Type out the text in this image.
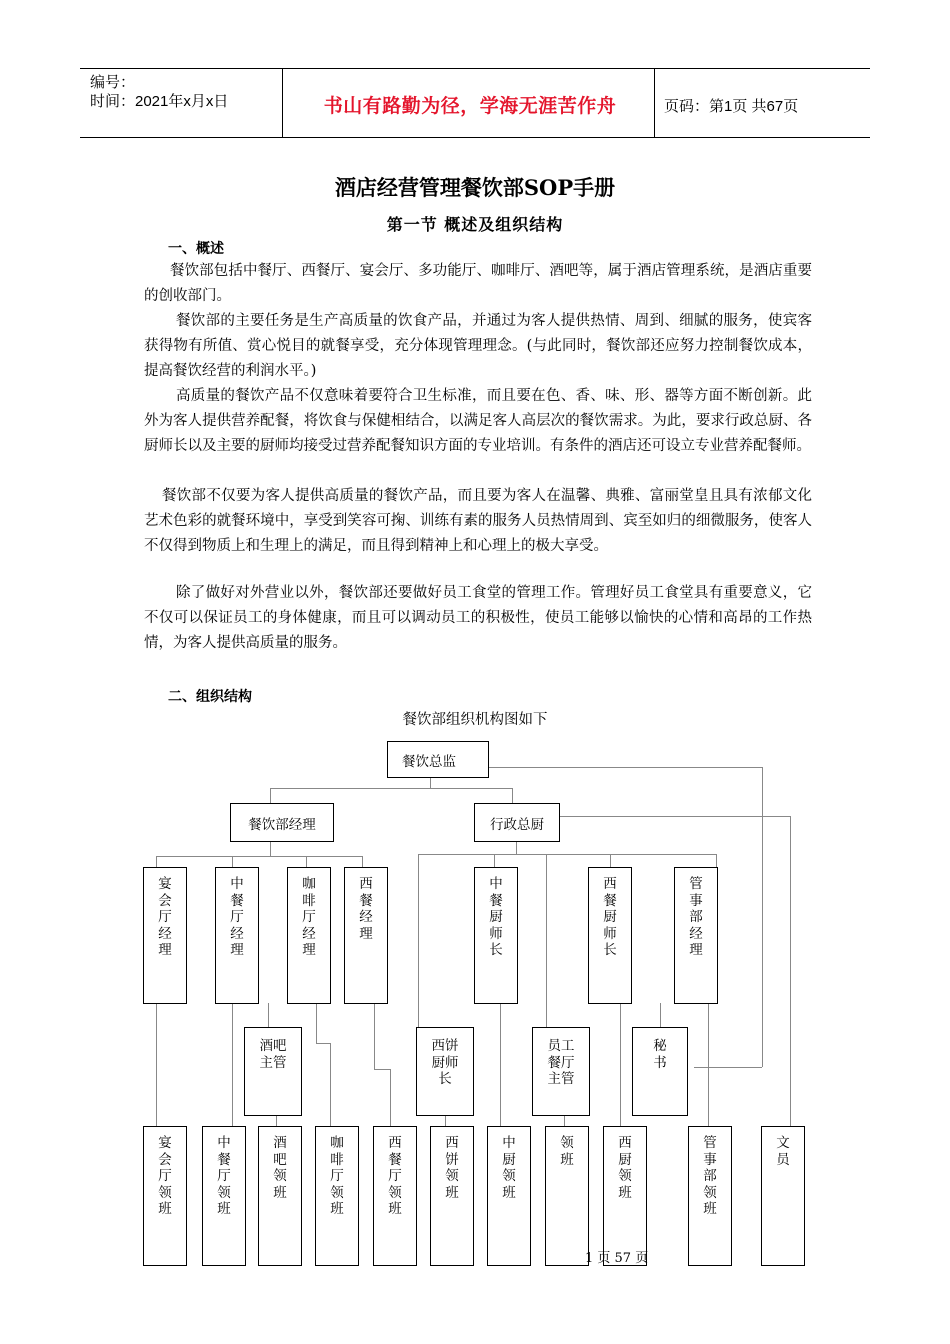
编号：
时间：2021年x月x日	书山有路勤为径，学海无涯苦作舟	页码：第1页 共67页
酒店经营管理餐饮部SOP手册
第一节 概述及组织结构
一、概述

餐饮部包括中餐厅、西餐厅、宴会厅、多功能厅、咖啡厅、酒吧等，属于酒店管理系统，是酒店重要的创收部门。

餐饮部的主要任务是生产高质量的饮食产品，并通过为客人提供热情、周到、细腻的服务，使宾客获得物有所值、赏心悦目的就餐享受，充分体现管理理念。(与此同时，餐饮部还应努力控制餐饮成本，提高餐饮经营的利润水平。)

高质量的餐饮产品不仅意味着要符合卫生标准，而且要在色、香、味、形、器等方面不断创新。此外为客人提供营养配餐，将饮食与保健相结合，以满足客人高层次的餐饮需求。为此，要求行政总厨、各厨师长以及主要的厨师均接受过营养配餐知识方面的专业培训。有条件的酒店还可设立专业营养配餐师。

餐饮部不仅要为客人提供高质量的餐饮产品，而且要为客人在温馨、典雅、富丽堂皇且具有浓郁文化艺术色彩的就餐环境中，享受到笑容可掬、训练有素的服务人员热情周到、宾至如归的细微服务，使客人不仅得到物质上和生理上的满足，而且得到精神上和心理上的极大享受。

除了做好对外营业以外，餐饮部还要做好员工食堂的管理工作。管理好员工食堂具有重要意义，它不仅可以保证员工的身体健康，而且可以调动员工的积极性，使员工能够以愉快的心情和高昂的工作热情，为客人提供高质量的服务。

二、组织结构
餐饮部组织机构图如下
餐饮总监
餐饮部经理	行政总厨
宴会厅经理
中餐厅经理
咖啡厅经理
西餐经理
中餐厨师长
西餐厨师长
管事部经理
酒吧主管
西饼厨师长
员工餐厅主管
秘书
宴会厅领班
中餐厅领班
酒吧领班
咖啡厅领班
西餐厅领班
西饼领班
中厨领班
领班
西厨领班
管事部领班
文员
1 页 57 页
